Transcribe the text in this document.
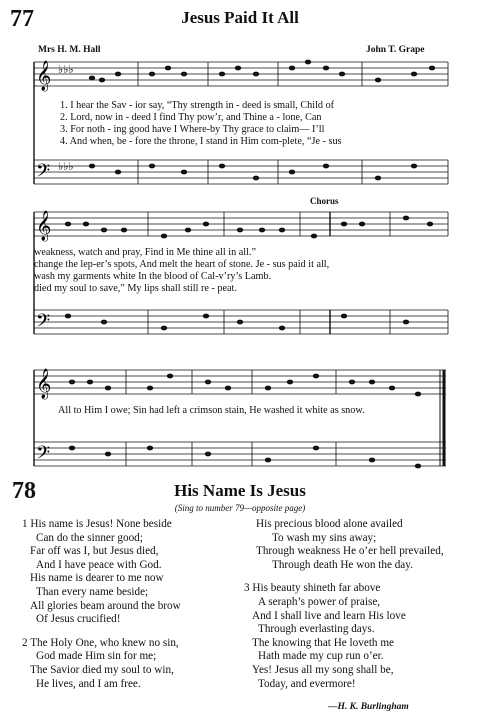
77	Jesus Paid It All
Mrs H. M. Hall	John T. Grape
𝄞 ♭♭♭
𝄢 ♭♭♭
1. I hear the Sav - ior say, “Thy strength in - deed is small, Child of
2. Lord, now in - deed I find Thy pow’r, and Thine a - lone, Can
3. For noth - ing good have I Where-by Thy grace to claim— I’ll
4. And when, be - fore the throne, I stand in Him com-plete, “Je - sus
Chorus
𝄞
𝄢
weakness, watch and pray, Find in Me thine all in all.”
change the lep-er’s spots, And melt the heart of stone. Je - sus paid it all,
wash my garments white In the blood of Cal-v’ry’s Lamb.
died my soul to save,” My lips shall still re - peat.
𝄞
𝄢
All to Him I owe; Sin had left a crimson stain, He washed it white as snow.
78	His Name Is Jesus
(Sing to number 79—opposite page)
1 His name is Jesus! None beside
Can do the sinner good;
Far off was I, but Jesus died,
And I have peace with God.
His name is dearer to me now
Than every name beside;
All glories beam around the brow
Of Jesus crucified!
2 The Holy One, who knew no sin,
God made Him sin for me;
The Savior died my soul to win,
He lives, and I am free.
His precious blood alone availed
To wash my sins away;
Through weakness He o’er hell prevailed,
Through death He won the day.
3 His beauty shineth far above
A seraph’s power of praise,
And I shall live and learn His love
Through everlasting days.
The knowing that He loveth me
Hath made my cup run o’er.
Yes! Jesus all my song shall be,
Today, and evermore!
—H. K. Burlingham
